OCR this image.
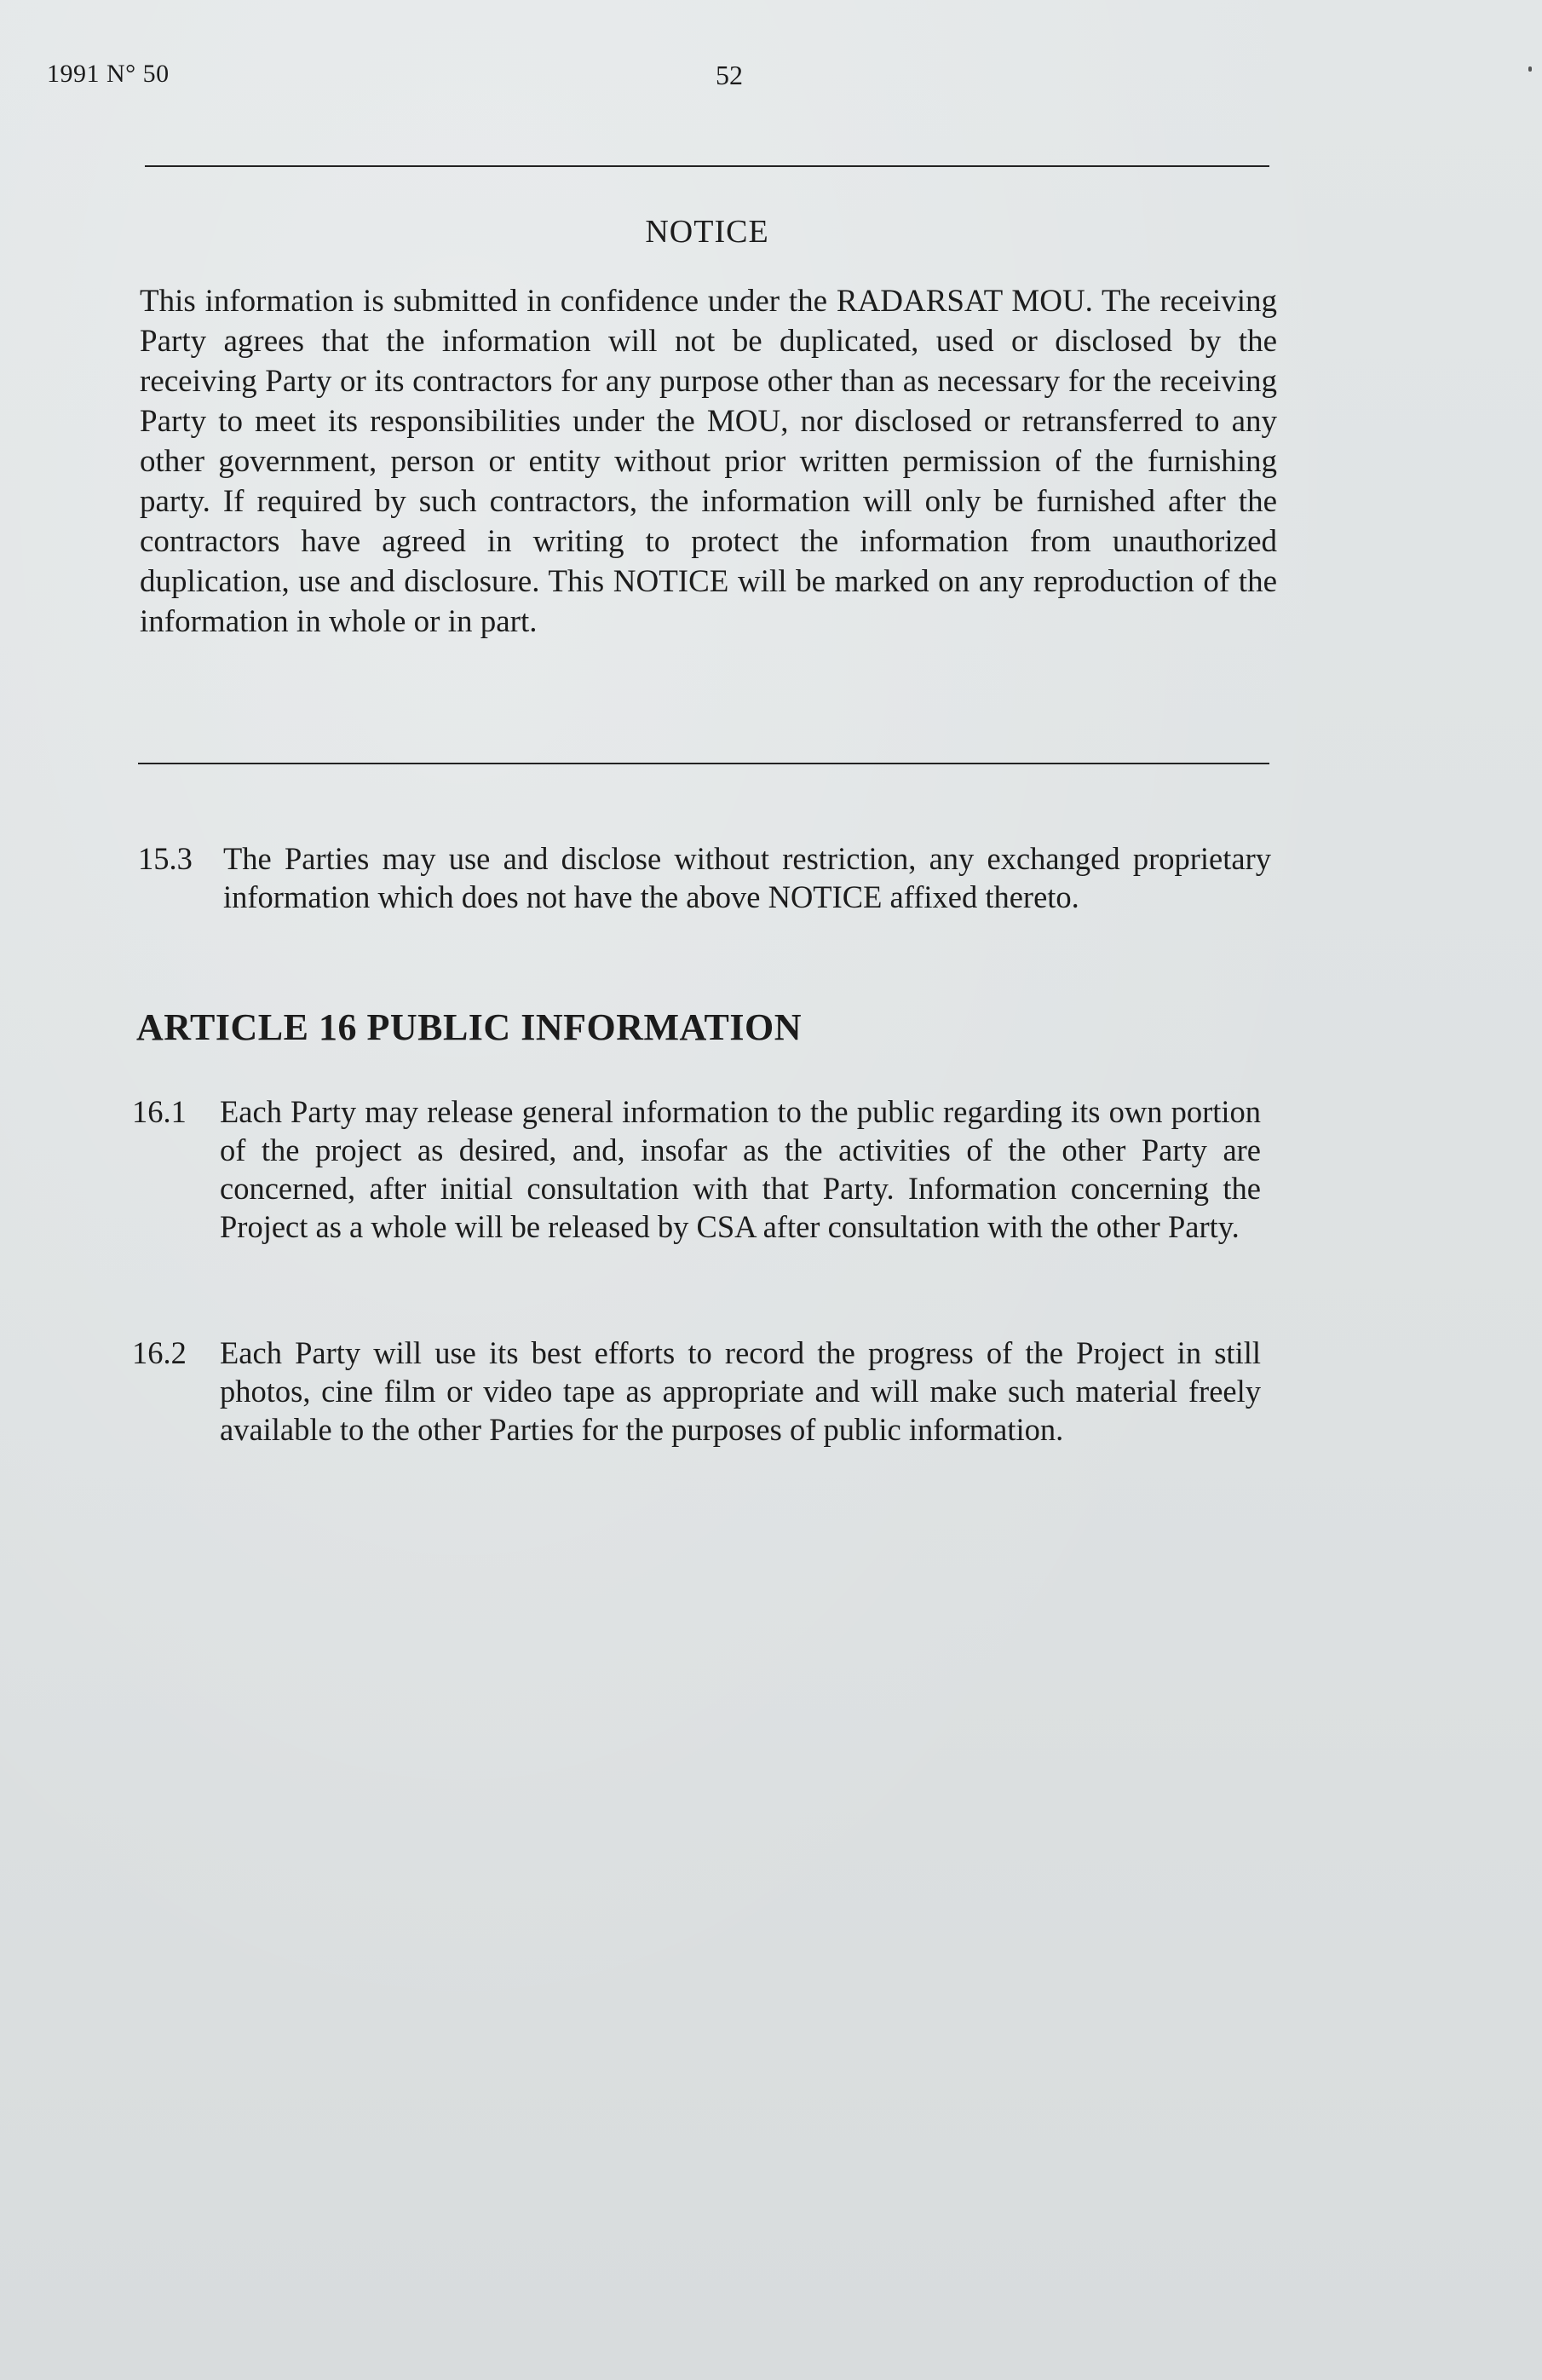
1991 N° 50	52
NOTICE
This information is submitted in confidence under the RADARSAT MOU. The receiving Party agrees that the information will not be duplicated, used or disclosed by the receiving Party or its contractors for any purpose other than as necessary for the receiving Party to meet its responsibilities under the MOU, nor disclosed or retransferred to any other government, person or entity without prior written permission of the furnishing party. If required by such contractors, the information will only be furnished after the contractors have agreed in writing to protect the information from unauthorized duplication, use and disclosure. This NOTICE will be marked on any reproduction of the information in whole or in part.
15.3 The Parties may use and disclose without restriction, any exchanged proprietary information which does not have the above NOTICE affixed thereto.
ARTICLE 16 PUBLIC INFORMATION
16.1 Each Party may release general information to the public regarding its own portion of the project as desired, and, insofar as the activities of the other Party are concerned, after initial consultation with that Party. Information concerning the Project as a whole will be released by CSA after consultation with the other Party.
16.2 Each Party will use its best efforts to record the progress of the Project in still photos, cine film or video tape as appropriate and will make such material freely available to the other Parties for the purposes of public information.
